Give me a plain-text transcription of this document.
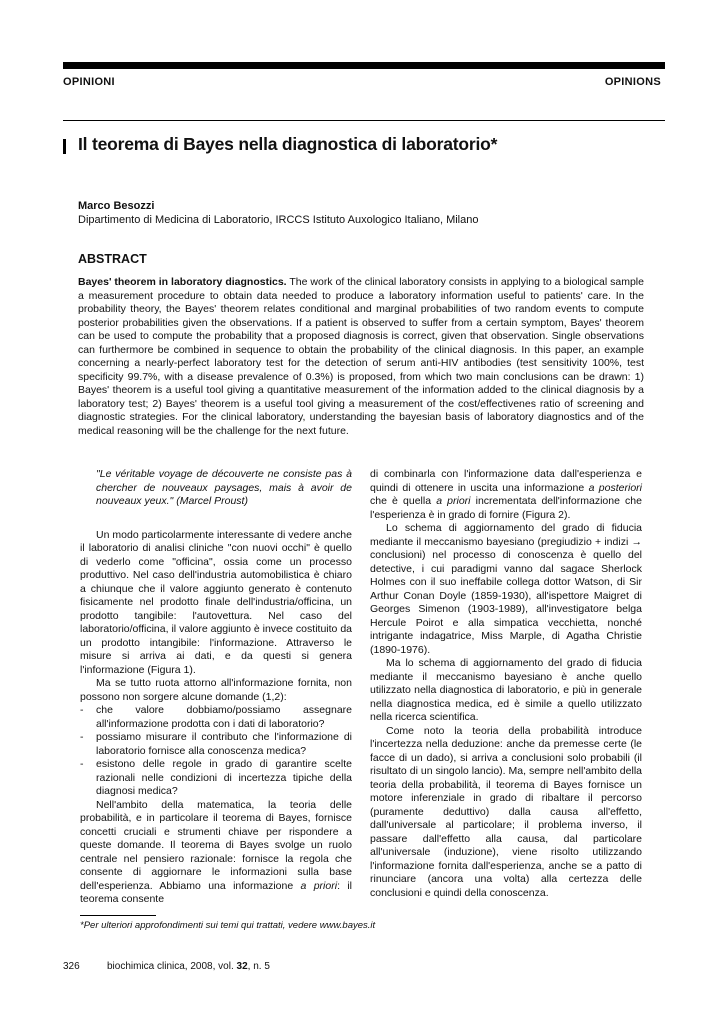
OPINIONI	OPINIONS
Il teorema di Bayes nella diagnostica di laboratorio*
Marco Besozzi
Dipartimento di Medicina di Laboratorio, IRCCS Istituto Auxologico Italiano, Milano
ABSTRACT
Bayes' theorem in laboratory diagnostics. The work of the clinical laboratory consists in applying to a biological sample a measurement procedure to obtain data needed to produce a laboratory information useful to patients' care. In the probability theory, the Bayes' theorem relates conditional and marginal probabilities of two random events to compute posterior probabilities given the observations. If a patient is observed to suffer from a certain symptom, Bayes' theorem can be used to compute the probability that a proposed diagnosis is correct, given that observation. Single observations can furthermore be combined in sequence to obtain the probability of the clinical diagnosis. In this paper, an example concerning a nearly-perfect laboratory test for the detection of serum anti-HIV antibodies (test sensitivity 100%, test specificity 99.7%, with a disease prevalence of 0.3%) is proposed, from which two main conclusions can be drawn: 1) Bayes' theorem is a useful tool giving a quantitative measurement of the information added to the clinical diagnosis by a laboratory test; 2) Bayes' theorem is a useful tool giving a measurement of the cost/effectivenes ratio of screening and diagnostic strategies. For the clinical laboratory, understanding the bayesian basis of laboratory diagnostics and of the medical reasoning will be the challenge for the next future.

"Le véritable voyage de découverte ne consiste pas à chercher de nouveaux paysages, mais à avoir de nouveaux yeux." (Marcel Proust)

Un modo particolarmente interessante di vedere anche il laboratorio di analisi cliniche "con nuovi occhi" è quello di vederlo come "officina", ossia come un processo produttivo. Nel caso dell'industria automobilistica è chiaro a chiunque che il valore aggiunto generato è contenuto fisicamente nel prodotto finale dell'industria/officina, un prodotto tangibile: l'autovettura. Nel caso del laboratorio/officina, il valore aggiunto è invece costituito da un prodotto intangibile: l'informazione. Attraverso le misure si arriva ai dati, e da questi si genera l'informazione (Figura 1).

Ma se tutto ruota attorno all'informazione fornita, non possono non sorgere alcune domande (1,2):

- che valore dobbiamo/possiamo assegnare all'informazione prodotta con i dati di laboratorio?
- possiamo misurare il contributo che l'informazione di laboratorio fornisce alla conoscenza medica?
- esistono delle regole in grado di garantire scelte razionali nelle condizioni di incertezza tipiche della diagnosi medica?

Nell'ambito della matematica, la teoria delle probabilità, e in particolare il teorema di Bayes, fornisce concetti cruciali e strumenti chiave per rispondere a queste domande. Il teorema di Bayes svolge un ruolo centrale nel pensiero razionale: fornisce la regola che consente di aggiornare le informazioni sulla base dell'esperienza. Abbiamo una informazione a priori: il teorema consente

di combinarla con l'informazione data dall'esperienza e quindi di ottenere in uscita una informazione a posteriori che è quella a priori incrementata dell'informazione che l'esperienza è in grado di fornire (Figura 2).

Lo schema di aggiornamento del grado di fiducia mediante il meccanismo bayesiano (pregiudizio + indizi → conclusioni) nel processo di conoscenza è quello del detective, i cui paradigmi vanno dal sagace Sherlock Holmes con il suo ineffabile collega dottor Watson, di Sir Arthur Conan Doyle (1859-1930), all'ispettore Maigret di Georges Simenon (1903-1989), all'investigatore belga Hercule Poirot e alla simpatica vecchietta, nonché intrigante indagatrice, Miss Marple, di Agatha Christie (1890-1976).

Ma lo schema di aggiornamento del grado di fiducia mediante il meccanismo bayesiano è anche quello utilizzato nella diagnostica di laboratorio, e più in generale nella diagnostica medica, ed è simile a quello utilizzato nella ricerca scientifica.

Come noto la teoria della probabilità introduce l'incertezza nella deduzione: anche da premesse certe (le facce di un dado), si arriva a conclusioni solo probabili (il risultato di un singolo lancio). Ma, sempre nell'ambito della teoria della probabilità, il teorema di Bayes fornisce un motore inferenziale in grado di ribaltare il percorso (puramente deduttivo) dalla causa all'effetto, dall'universale al particolare; il problema inverso, il passare dall'effetto alla causa, dal particolare all'universale (induzione), viene risolto utilizzando l'informazione fornita dall'esperienza, anche se a patto di rinunciare (ancora una volta) alla certezza delle conclusioni e quindi della conoscenza.

*Per ulteriori approfondimenti sui temi qui trattati, vedere www.bayes.it
326	biochimica clinica, 2008, vol. 32, n. 5
